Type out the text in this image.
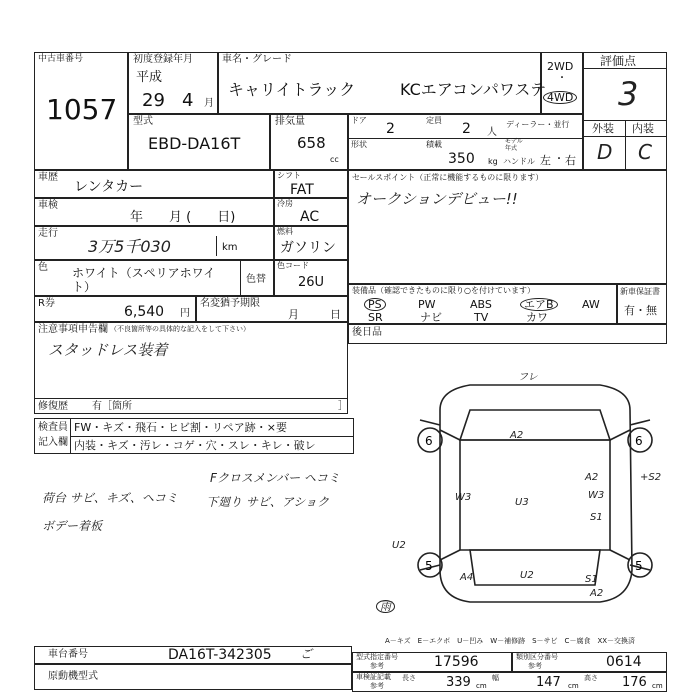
中古車番号
1057
初度登録年月
平成
29 4 月
車名・グレード
キャリイトラック	KCエアコンパワステ
2WD
・
4WD
評価点
3
外装 内装
D C
型式
EBD-DA16T
排気量
658
cc
ドア
2
定員
2 人
ディーラー・並行
形状	積載
350 kg
モデル
年式
ハンドル 左 ・ 右
車歴
レンタカー
車検
年　　月 (　　日)
走行
3万5千030	km
色 ホワイト（スペリアホワイ
ト）
色替
R券
6,540 円
名変猶予期限
月	日
シフト
FAT
冷房
AC
燃料
ガソリン
色コード
26U
セールスポイント（正常に機能するものに限ります）
オークションデビュー!!
装備品（確認できたものに限り○を付けています）
PS	PW	ABS	エアB	AW
SR	ナビ	TV	カワ
新車保証書
有・無
注意事項申告欄 （不良箇所等の具体的な記入をして下さい）
スタッドレス装着
修復歴 有［箇所	］
後日品
検査員
記入欄
FW・キズ・飛石・ヒビ割・リペア跡・×要
内装・キズ・汚レ・コゲ・穴・スレ・キレ・破レ
Fクロスメンバー ヘコミ
下廻り サビ、アショク
荷台 サビ、キズ、ヘコミ
ボデー着板
6	6
5	5
フレ
A2
U3
W3
A2
W3
S1
+S2
U2
A4	U2	S1
A2
雨
A－キズ　E－エクボ　U－凹み　W－補修跡　S－サビ　C－腐食　XX－交換済
車台番号	DA16T-342305 ご
原動機型式
型式指定番号
参考	17596	類別区分番号
参考	0614
車検証記載
参考
長さ 339 cm
幅	147 cm
高さ 176 cm
